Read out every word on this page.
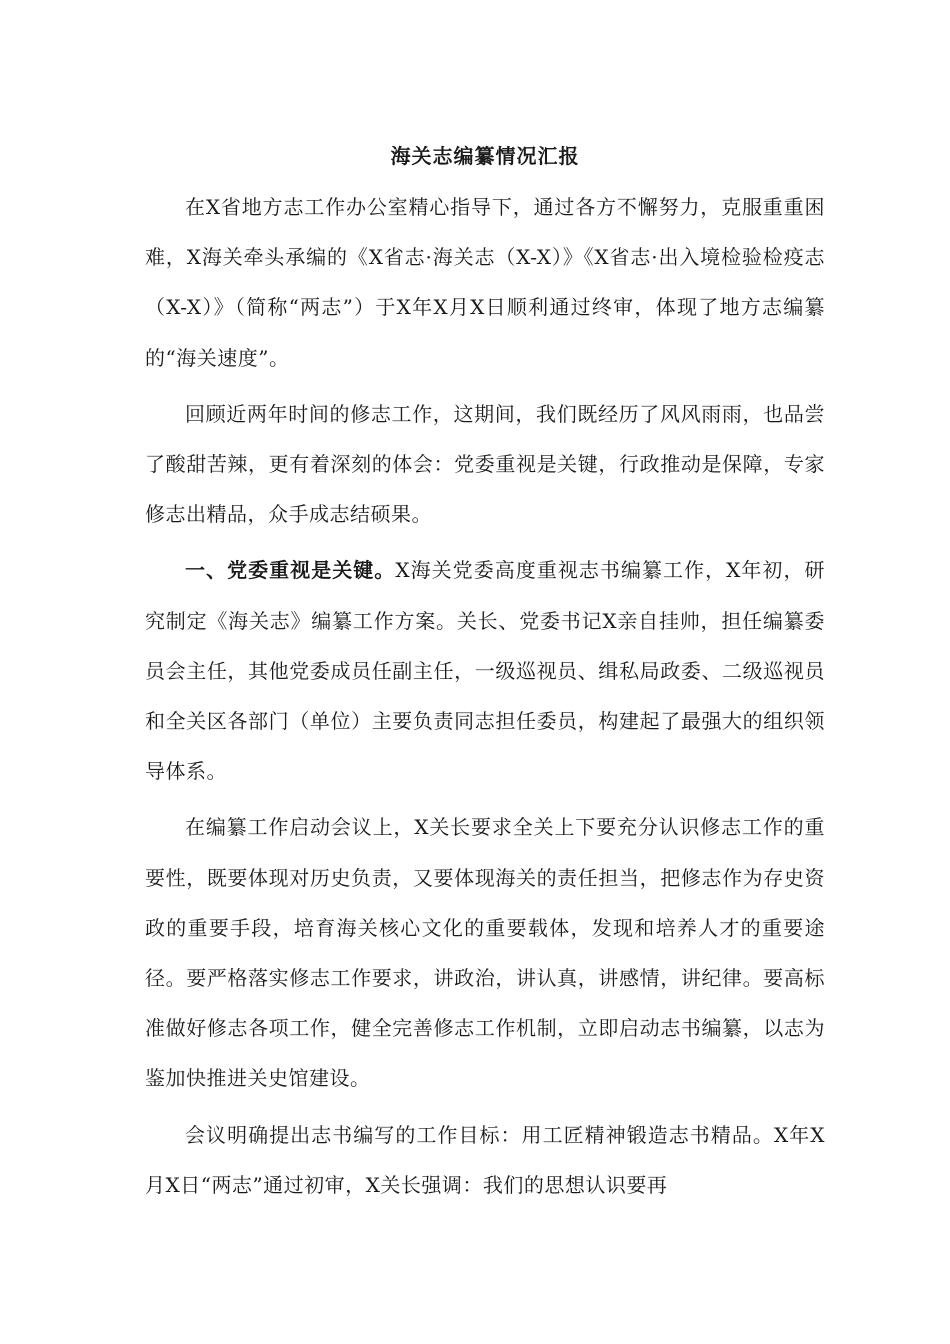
海关志编纂情况汇报

在X省地方志工作办公室精心指导下，通过各方不懈努力，克服重重困难，X海关牵头承编的《X省志·海关志（X-X）》《X省志·出入境检验检疫志（X-X）》（简称“两志”）于X年X月X日顺利通过终审，体现了地方志编纂的“海关速度”。

回顾近两年时间的修志工作，这期间，我们既经历了风风雨雨，也品尝了酸甜苦辣，更有着深刻的体会：党委重视是关键，行政推动是保障，专家修志出精品，众手成志结硕果。

一、党委重视是关键。X海关党委高度重视志书编纂工作，X年初，研究制定《海关志》编纂工作方案。关长、党委书记X亲自挂帅，担任编纂委员会主任，其他党委成员任副主任，一级巡视员、缉私局政委、二级巡视员和全关区各部门（单位）主要负责同志担任委员，构建起了最强大的组织领导体系。

在编纂工作启动会议上，X关长要求全关上下要充分认识修志工作的重要性，既要体现对历史负责，又要体现海关的责任担当，把修志作为存史资政的重要手段，培育海关核心文化的重要载体，发现和培养人才的重要途径。要严格落实修志工作要求，讲政治，讲认真，讲感情，讲纪律。要高标准做好修志各项工作，健全完善修志工作机制，立即启动志书编纂，以志为鉴加快推进关史馆建设。

会议明确提出志书编写的工作目标：用工匠精神锻造志书精品。X年X月X日“两志”通过初审，X关长强调：我们的思想认识要再
